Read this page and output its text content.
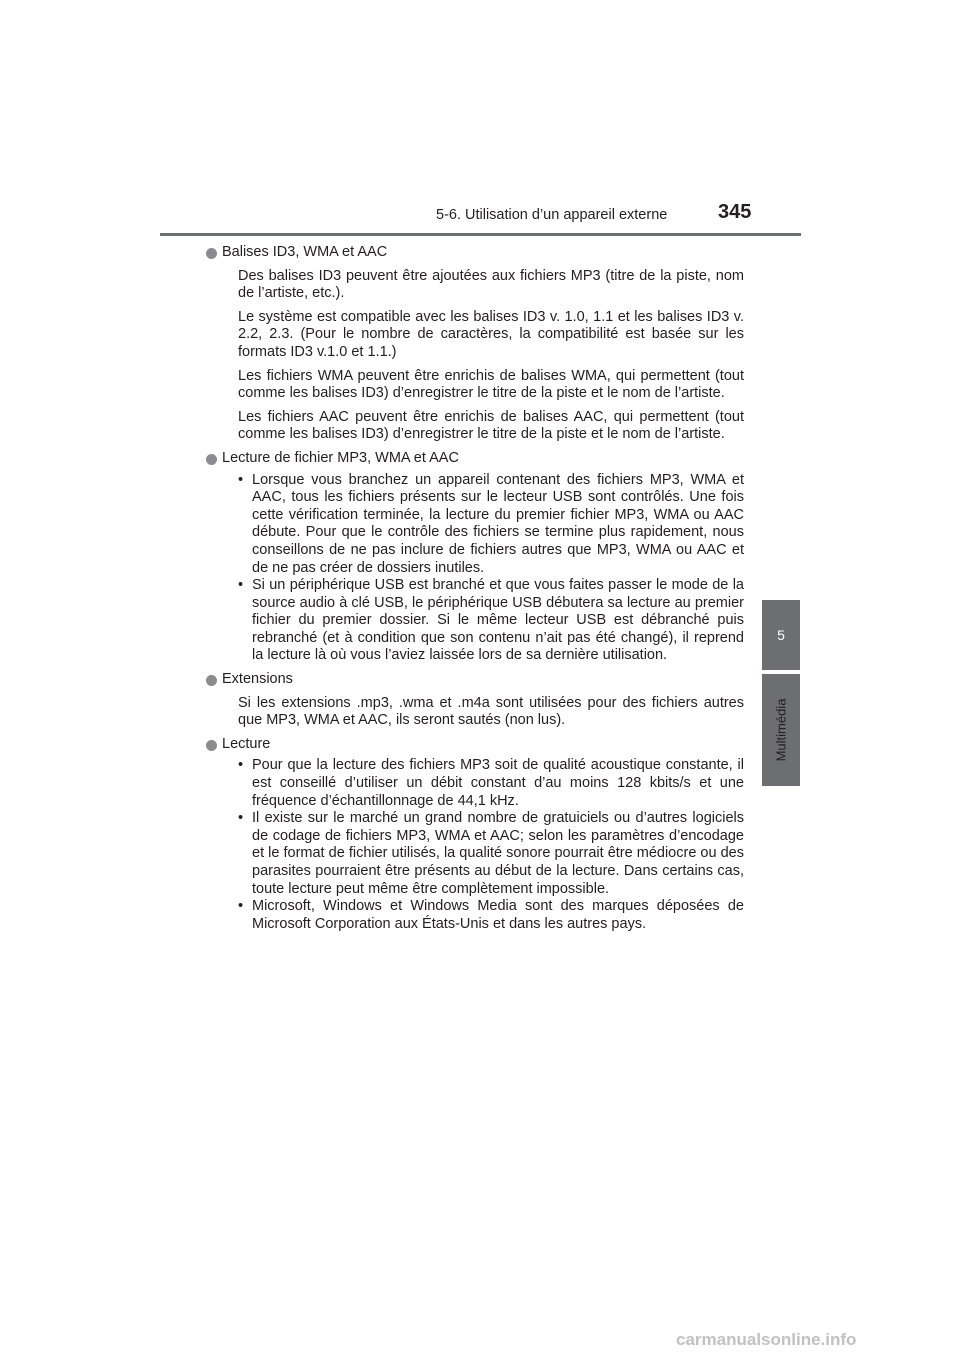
5-6. Utilisation d’un appareil externe	345
5
Multimédia
Balises ID3, WMA et AAC
Des balises ID3 peuvent être ajoutées aux fichiers MP3 (titre de la piste, nom de l’artiste, etc.).
Le système est compatible avec les balises ID3 v. 1.0, 1.1 et les balises ID3 v. 2.2, 2.3. (Pour le nombre de caractères, la compatibilité est basée sur les formats ID3 v.1.0 et 1.1.)
Les fichiers WMA peuvent être enrichis de balises WMA, qui permettent (tout comme les balises ID3) d’enregistrer le titre de la piste et le nom de l’artiste.
Les fichiers AAC peuvent être enrichis de balises AAC, qui permettent (tout comme les balises ID3) d’enregistrer le titre de la piste et le nom de l’artiste.
Lecture de fichier MP3, WMA et AAC
• Lorsque vous branchez un appareil contenant des fichiers MP3, WMA et AAC, tous les fichiers présents sur le lecteur USB sont contrôlés. Une fois cette vérification terminée, la lecture du premier fichier MP3, WMA ou AAC débute. Pour que le contrôle des fichiers se termine plus rapidement, nous conseillons de ne pas inclure de fichiers autres que MP3, WMA ou AAC et de ne pas créer de dossiers inutiles.
• Si un périphérique USB est branché et que vous faites passer le mode de la source audio à clé USB, le périphérique USB débutera sa lecture au premier fichier du premier dossier. Si le même lecteur USB est débranché puis rebranché (et à condition que son contenu n’ait pas été changé), il reprend la lecture là où vous l’aviez laissée lors de sa dernière utilisation.
Extensions
Si les extensions .mp3, .wma et .m4a sont utilisées pour des fichiers autres que MP3, WMA et AAC, ils seront sautés (non lus).
Lecture
• Pour que la lecture des fichiers MP3 soit de qualité acoustique constante, il est conseillé d’utiliser un débit constant d’au moins 128 kbits/s et une fréquence d’échantillonnage de 44,1 kHz.
• Il existe sur le marché un grand nombre de gratuiciels ou d’autres logiciels de codage de fichiers MP3, WMA et AAC; selon les paramètres d’encodage et le format de fichier utilisés, la qualité sonore pourrait être médiocre ou des parasites pourraient être présents au début de la lecture. Dans certains cas, toute lecture peut même être complètement impossible.
• Microsoft, Windows et Windows Media sont des marques déposées de Microsoft Corporation aux États-Unis et dans les autres pays.
carmanualsonline.info
